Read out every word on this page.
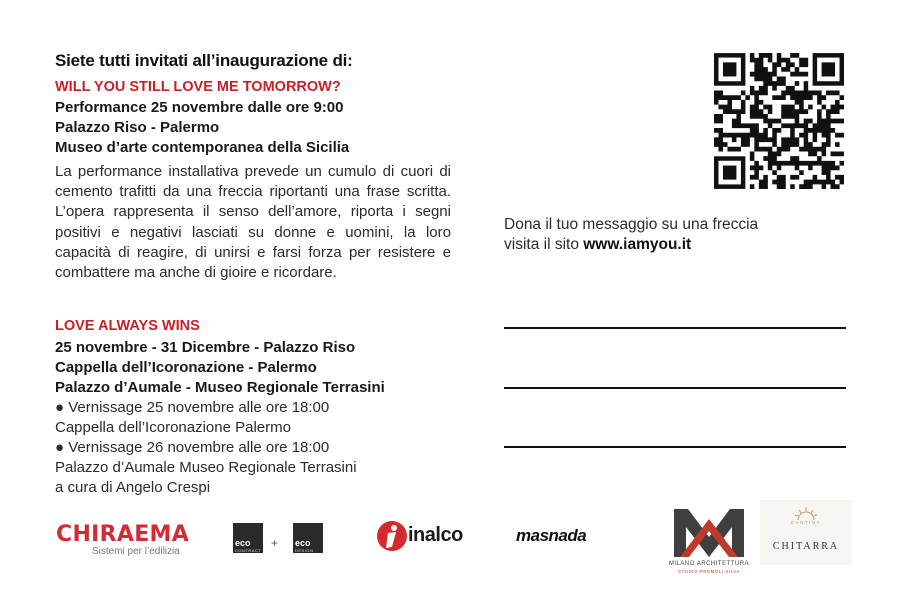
Siete tutti invitati all’inaugurazione di:
WILL YOU STILL LOVE ME TOMORROW?
Performance 25 novembre dalle ore 9:00
Palazzo Riso - Palermo
Museo d’arte contemporanea della Sicilia
La performance installativa prevede un cumulo di cuori di cemento trafitti da una freccia riportanti una frase scritta. L’opera rappresenta il senso dell’amore, riporta i segni positivi e negativi lasciati su donne e uomini, la loro capacità di reagire, di unirsi e farsi forza per resistere e combattere ma anche di gioire e ricordare.
LOVE ALWAYS WINS
25 novembre - 31 Dicembre - Palazzo Riso
Cappella dell’Icoronazione - Palermo
Palazzo d’Aumale - Museo Regionale Terrasini
● Vernissage 25 novembre alle ore 18:00
Cappella dell’Icoronazione Palermo
● Vernissage 26 novembre alle ore 18:00
Palazzo d’Aumale Museo Regionale Terrasini
a cura di Angelo Crespi
Dona il tuo messaggio su una freccia
visita il sito www.iamyou.it
CHIRAEMA
Sistemi per l’edilizia
eco
CONTRACT
+ eco
DESIGN
inalco	masnada
MILANO ARCHITETTURA
STUDIO PREMOLI SILVA
CANTINA
CHITARRA
